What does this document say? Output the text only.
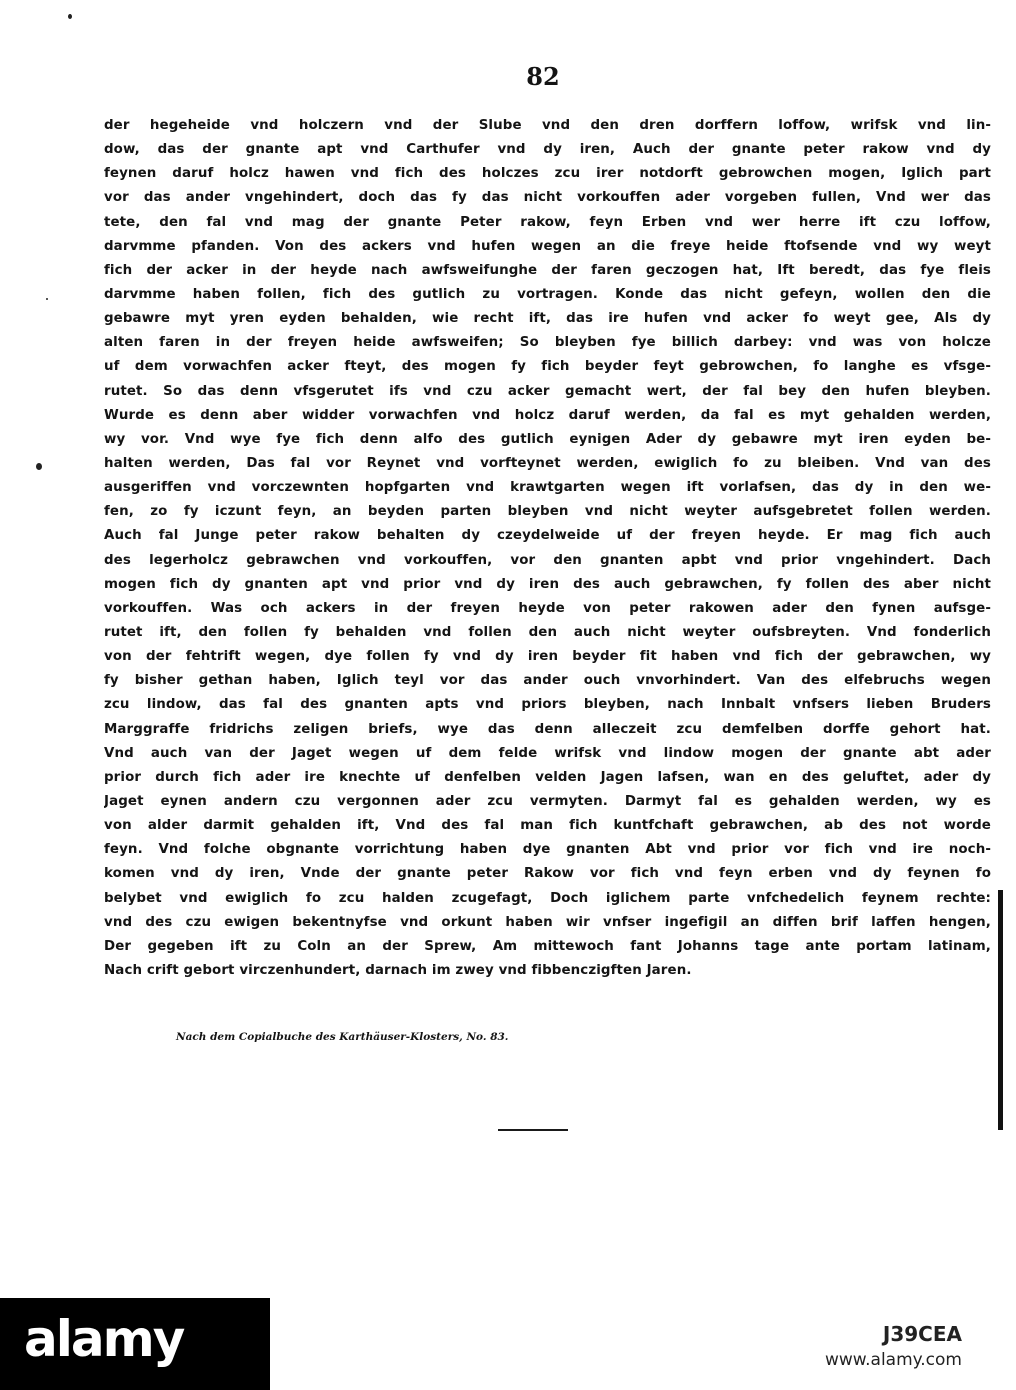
82
der hegeheide vnd holczern vnd der Slube vnd den dren dorffern loffow, wrifsk vnd lin-
dow, das der gnante apt vnd Carthufer vnd dy iren, Auch der gnante peter rakow vnd dy
feynen daruf holcz hawen vnd fich des holczes zcu irer notdorft gebrowchen mogen, Iglich part
vor das ander vngehindert, doch das fy das nicht vorkouffen ader vorgeben fullen, Vnd wer das
tete, den fal vnd mag der gnante Peter rakow, feyn Erben vnd wer herre ift czu loffow,
darvmme pfanden. Von des ackers vnd hufen wegen an die freye heide ftofsende vnd wy weyt
fich der acker in der heyde nach awfsweifunghe der faren geczogen hat, Ift beredt, das fye fleis
darvmme haben follen, fich des gutlich zu vortragen. Konde das nicht gefeyn, wollen den die
gebawre myt yren eyden behalden, wie recht ift, das ire hufen vnd acker fo weyt gee, Als dy
alten faren in der freyen heide awfsweifen; So bleyben fye billich darbey: vnd was von holcze
uf dem vorwachfen acker fteyt, des mogen fy fich beyder feyt gebrowchen, fo langhe es vfsge-
rutet. So das denn vfsgerutet ifs vnd czu acker gemacht wert, der fal bey den hufen bleyben.
Wurde es denn aber widder vorwachfen vnd holcz daruf werden, da fal es myt gehalden werden,
wy vor. Vnd wye fye fich denn alfo des gutlich eynigen Ader dy gebawre myt iren eyden be-
halten werden, Das fal vor Reynet vnd vorfteynet werden, ewiglich fo zu bleiben. Vnd van des
ausgeriffen vnd vorczewnten hopfgarten vnd krawtgarten wegen ift vorlafsen, das dy in den we-
fen, zo fy iczunt feyn, an beyden parten bleyben vnd nicht weyter aufsgebretet follen werden.
Auch fal Junge peter rakow behalten dy czeydelweide uf der freyen heyde. Er mag fich auch
des legerholcz gebrawchen vnd vorkouffen, vor den gnanten apbt vnd prior vngehindert. Dach
mogen fich dy gnanten apt vnd prior vnd dy iren des auch gebrawchen, fy follen des aber nicht
vorkouffen. Was och ackers in der freyen heyde von peter rakowen ader den fynen aufsge-
rutet ift, den follen fy behalden vnd follen den auch nicht weyter oufsbreyten. Vnd fonderlich
von der fehtrift wegen, dye follen fy vnd dy iren beyder fit haben vnd fich der gebrawchen, wy
fy bisher gethan haben, Iglich teyl vor das ander ouch vnvorhindert. Van des elfebruchs wegen
zcu lindow, das fal des gnanten apts vnd priors bleyben, nach Innbalt vnfsers lieben Bruders
Marggraffe fridrichs zeligen briefs, wye das denn alleczeit zcu demfelben dorffe gehort hat.
Vnd auch van der Jaget wegen uf dem felde wrifsk vnd lindow mogen der gnante abt ader
prior durch fich ader ire knechte uf denfelben velden Jagen lafsen, wan en des geluftet, ader dy
Jaget eynen andern czu vergonnen ader zcu vermyten. Darmyt fal es gehalden werden, wy es
von alder darmit gehalden ift, Vnd des fal man fich kuntfchaft gebrawchen, ab des not worde
feyn. Vnd folche obgnante vorrichtung haben dye gnanten Abt vnd prior vor fich vnd ire noch-
komen vnd dy iren, Vnde der gnante peter Rakow vor fich vnd feyn erben vnd dy feynen fo
belybet vnd ewiglich fo zcu halden zcugefagt, Doch iglichem parte vnfchedelich feynem rechte:
vnd des czu ewigen bekentnyfse vnd orkunt haben wir vnfser ingefigil an diffen brif laffen hengen,
Der gegeben ift zu Coln an der Sprew, Am mittewoch fant Johanns tage ante portam latinam,
Nach crift gebort virczenhundert, darnach im zwey vnd fibbenczigften Jaren.
Nach dem Copialbuche des Karthäuser-Klosters, No. 83.
alamy	J39CEA
www.alamy.com
